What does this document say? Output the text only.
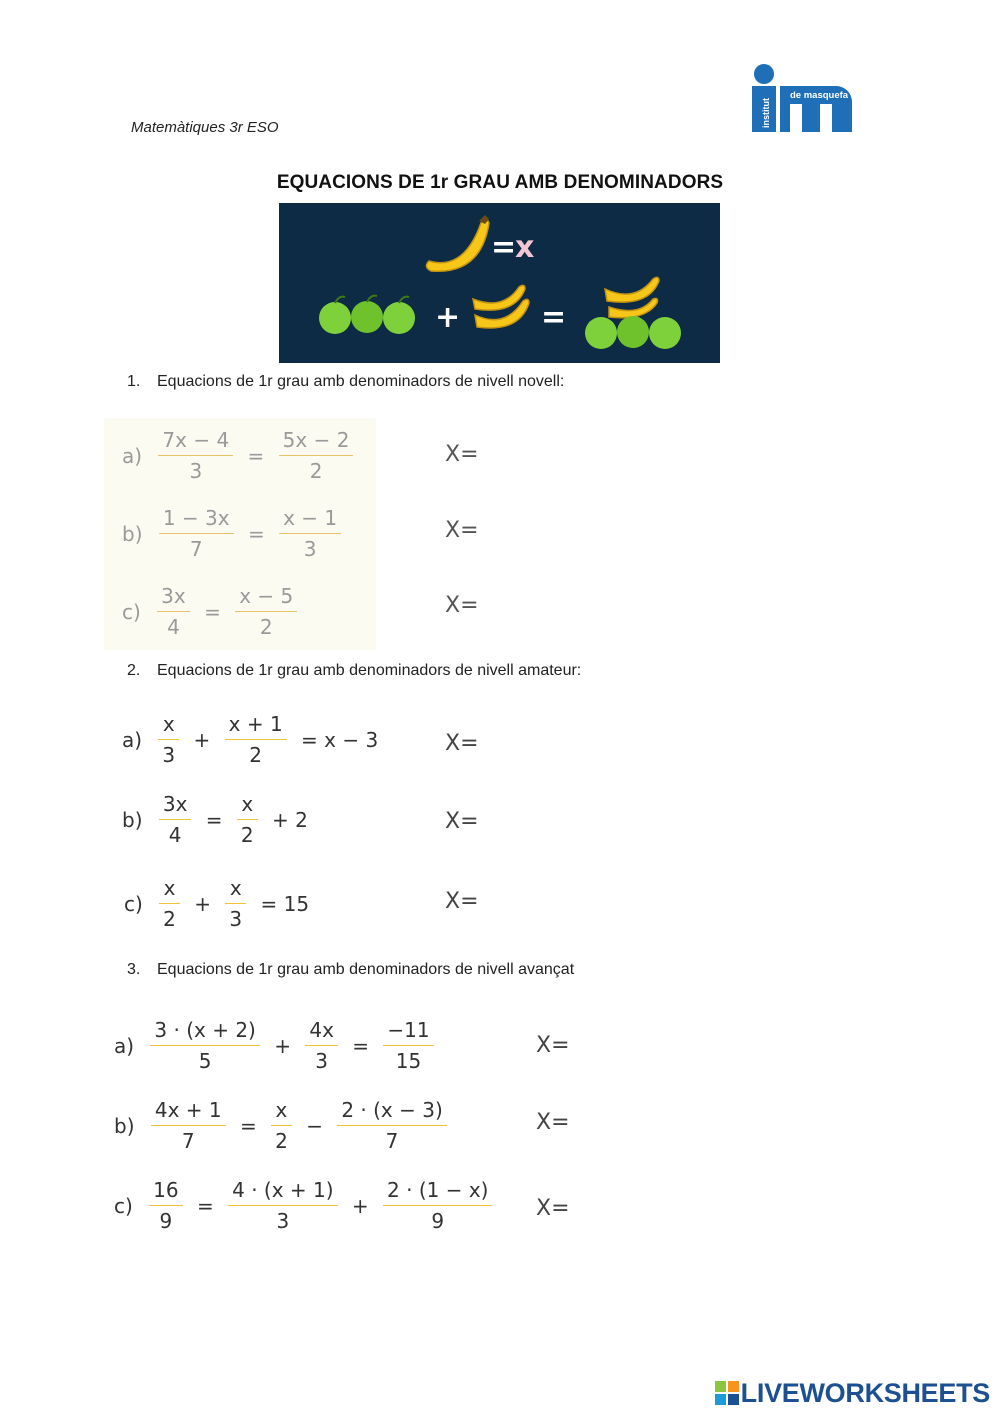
Matemàtiques 3r ESO	institut
de masquefa
EQUACIONS DE 1r GRAU AMB DENOMINADORS
=
x
+	=
1. Equacions de 1r grau amb denominadors de nivell novell:
$a) \frac{7x - 4}{3} = \frac{5x - 2}{2}$	X=
$b) \frac{1 - 3x}{7} = \frac{x - 1}{3}$	X=
$c) \frac{3x}{4} = \frac{x - 5}{2}$	X=
2. Equacions de 1r grau amb denominadors de nivell amateur:
$a) \frac{x}{3} + \frac{x + 1}{2} = x - 3$	X=
$b) \frac{3x}{4} = \frac{x}{2} + 2$	X=
$c) \frac{x}{2} + \frac{x}{3} = 15$	X=
3. Equacions de 1r grau amb denominadors de nivell avançat
$a) \frac{3 \cdot (x + 2)}{5} + \frac{4x}{3} = \frac{-11}{15}$	X=
$b) \frac{4x + 1}{7} = \frac{x}{2} - \frac{2 \cdot (x - 3)}{7}$	X=
$c) \frac{16}{9} = \frac{4 \cdot (x + 1)}{3} + \frac{2 \cdot (1 - x)}{9} X=$
LIVEWORKSHEETS
